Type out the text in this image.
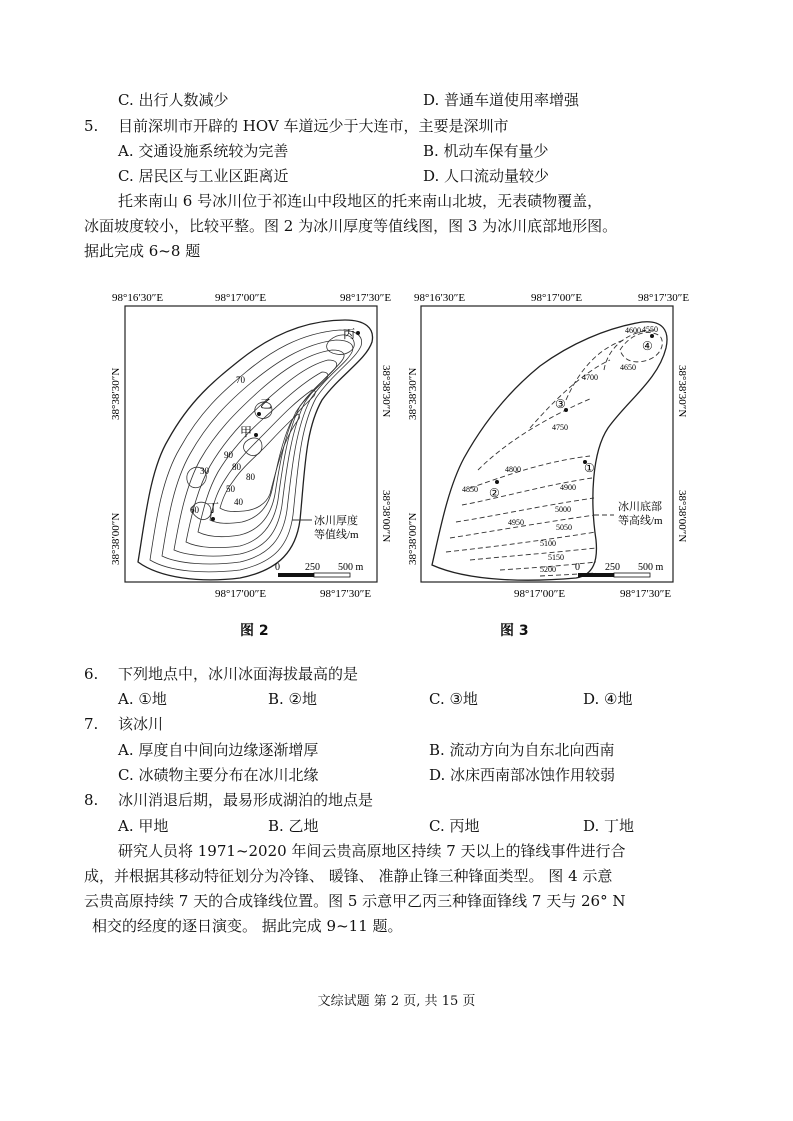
C. 出行人数减少	D. 普通车道使用率增强
5. 目前深圳市开辟的 HOV 车道远少于大连市，主要是深圳市
A. 交通设施系统较为完善	B. 机动车保有量少
C. 居民区与工业区距离近	D. 人口流动量较少
托来南山 6 号冰川位于祁连山中段地区的托来南山北坡，无表碛物覆盖，
冰面坡度较小，比较平整。图 2 为冰川厚度等值线图，图 3 为冰川底部地形图。
据此完成 6~8 题
98°16′30″E	98°17′00″E	98°17′30″E
98°17′00″E	98°17′30″E
38°38′30″N
38°38′00″N
38°38′30″N
38°38′00″N
甲
乙
丙
丁
70
90
80
30
50
60
40
80
冰川厚度
等值线/m
0	250 500 m
98°16′30″E	98°17′00″E	98°17′30″E
98°17′00″E	98°17′30″E
38°38′30″N
38°38′00″N
38°38′30″N
38°38′00″N
①
②
③
④
4600 4550
4650
4700
4750
4800
4850	4900
4950
5000
5050
5100
5150
5200
冰川底部
等高线/m
0	250 500 m
图 2	图 3
6. 下列地点中，冰川冰面海拔最高的是
A. ①地	B. ②地	C. ③地	D. ④地
7. 该冰川
A. 厚度自中间向边缘逐渐增厚	B. 流动方向为自东北向西南
C. 冰碛物主要分布在冰川北缘	D. 冰床西南部冰蚀作用较弱
8. 冰川消退后期，最易形成湖泊的地点是
A. 甲地	B. 乙地	C. 丙地	D. 丁地
研究人员将 1971~2020 年间云贵高原地区持续 7 天以上的锋线事件进行合
成，并根据其移动特征划分为冷锋、 暖锋、 准静止锋三种锋面类型。 图 4 示意
云贵高原持续 7 天的合成锋线位置。图 5 示意甲乙丙三种锋面锋线 7 天与 26° N
相交的经度的逐日演变。 据此完成 9~11 题。
文综试题 第 2 页, 共 15 页
